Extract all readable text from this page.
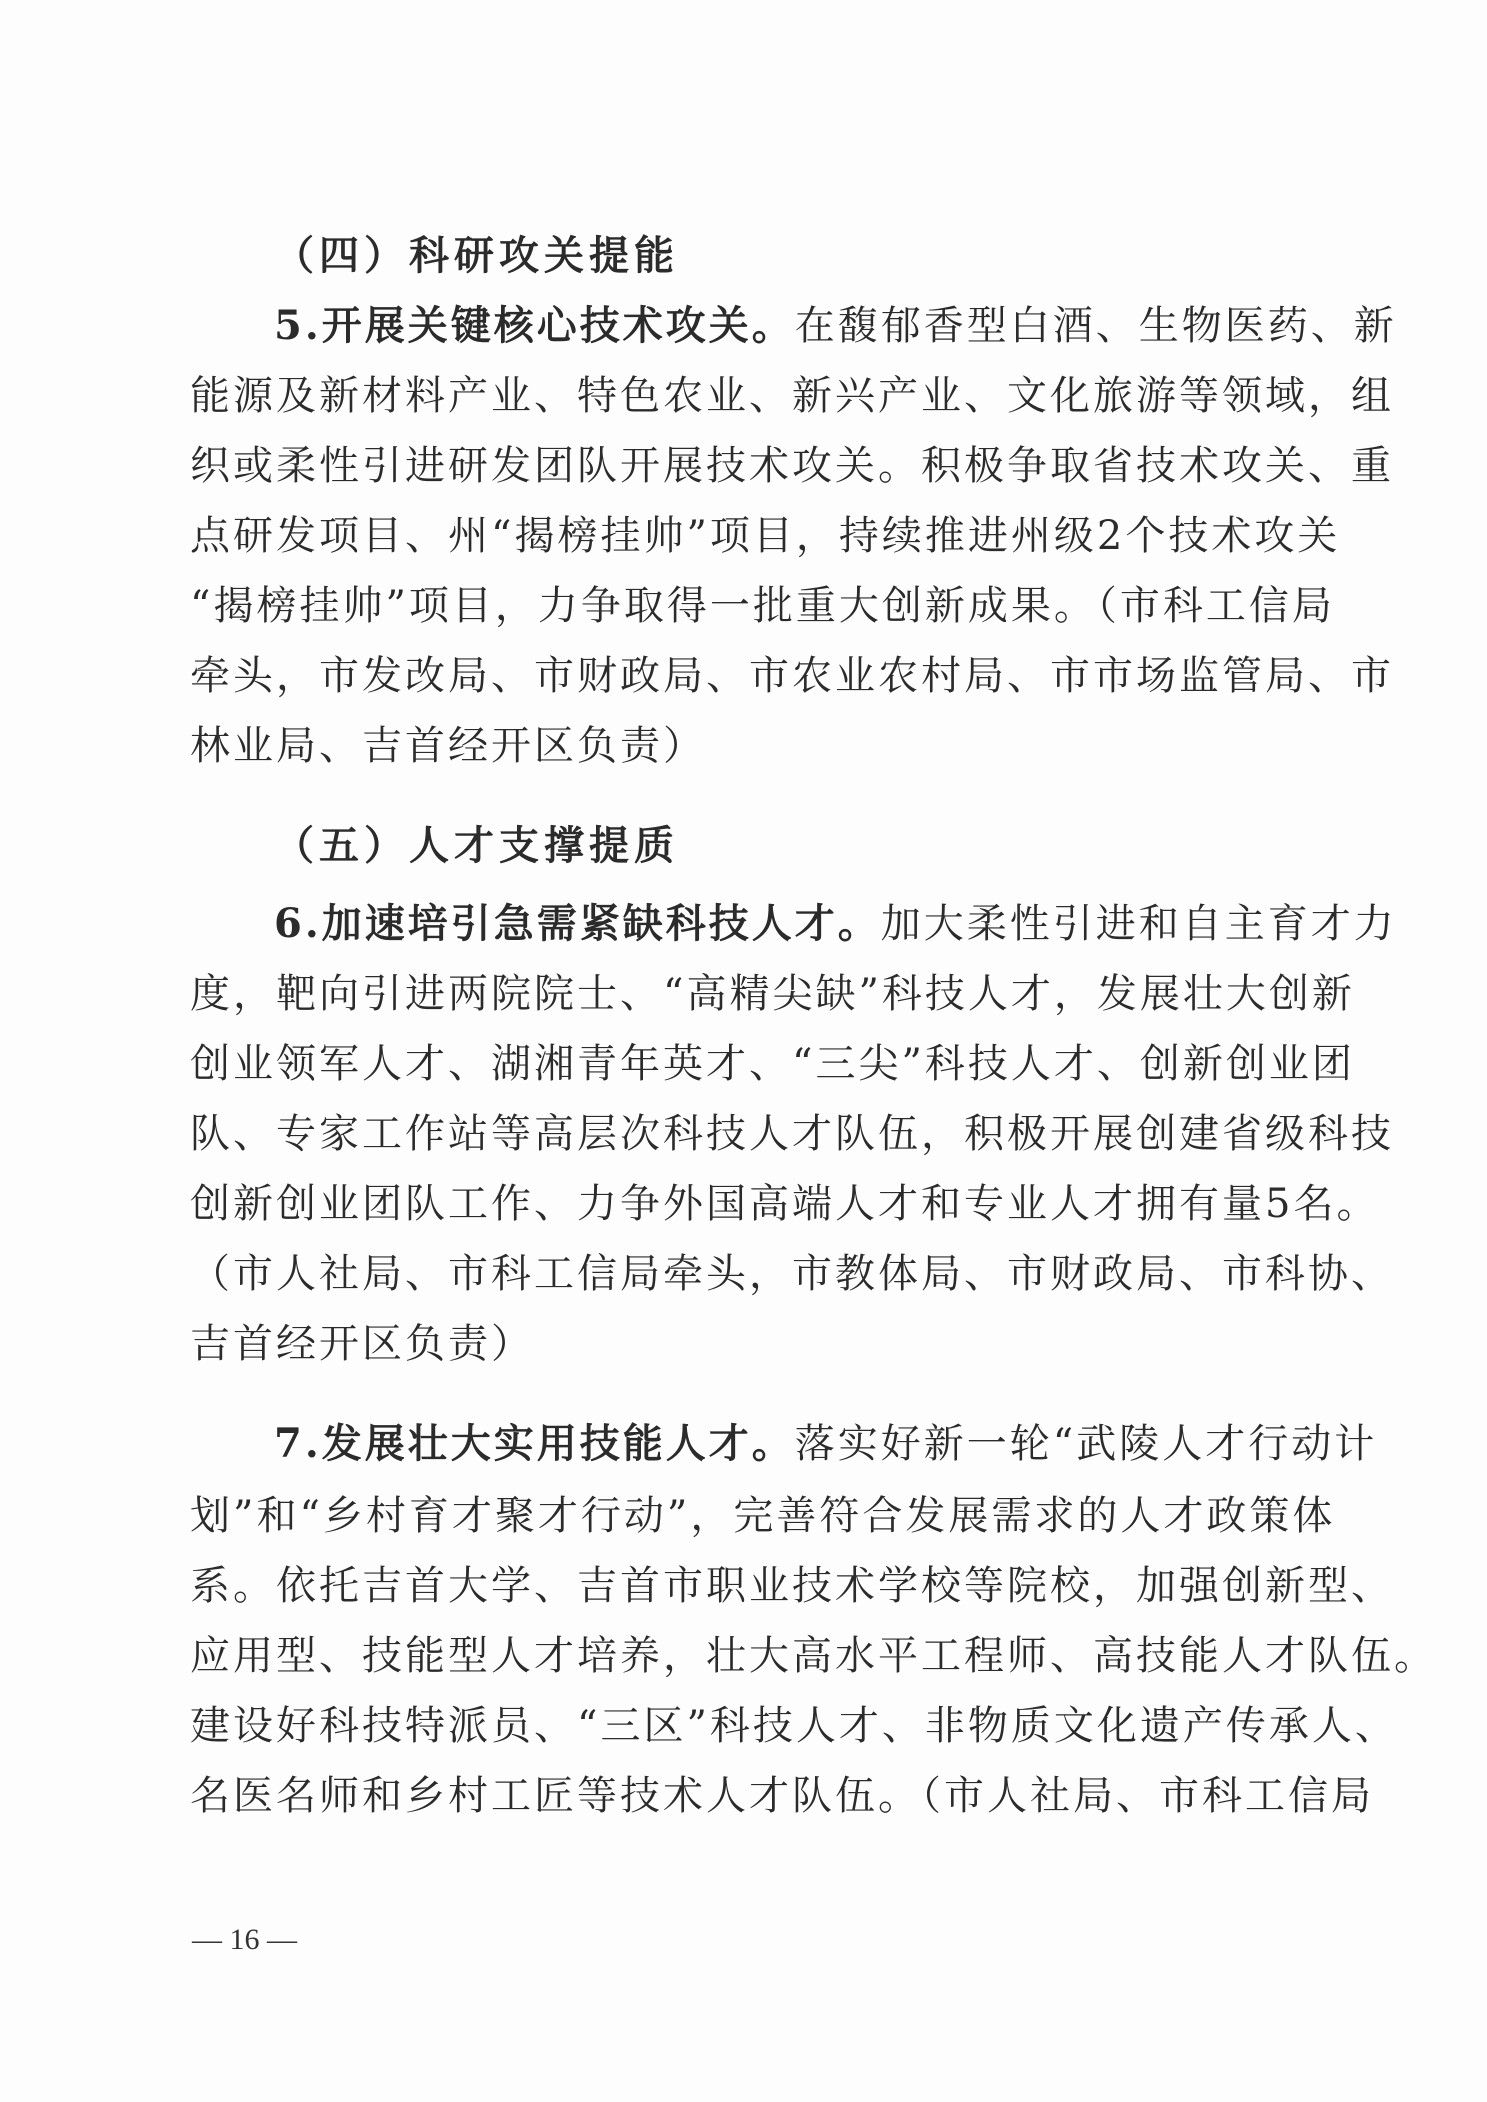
（四）科研攻关提能
5.开展关键核心技术攻关。在馥郁香型白酒、生物医药、新
能源及新材料产业、特色农业、新兴产业、文化旅游等领域，组
织或柔性引进研发团队开展技术攻关。积极争取省技术攻关、重
点研发项目、州“揭榜挂帅”项目，持续推进州级2个技术攻关
“揭榜挂帅”项目，力争取得一批重大创新成果。（市科工信局
牵头，市发改局、市财政局、市农业农村局、市市场监管局、市
林业局、吉首经开区负责）
（五）人才支撑提质
6.加速培引急需紧缺科技人才。加大柔性引进和自主育才力
度，靶向引进两院院士、“高精尖缺”科技人才，发展壮大创新
创业领军人才、湖湘青年英才、“三尖”科技人才、创新创业团
队、专家工作站等高层次科技人才队伍，积极开展创建省级科技
创新创业团队工作、力争外国高端人才和专业人才拥有量5名。
（市人社局、市科工信局牵头，市教体局、市财政局、市科协、
吉首经开区负责）
7.发展壮大实用技能人才。落实好新一轮“武陵人才行动计
划”和“乡村育才聚才行动”，完善符合发展需求的人才政策体
系。依托吉首大学、吉首市职业技术学校等院校，加强创新型、
应用型、技能型人才培养，壮大高水平工程师、高技能人才队伍。
建设好科技特派员、“三区”科技人才、非物质文化遗产传承人、
名医名师和乡村工匠等技术人才队伍。（市人社局、市科工信局
— 16 —
